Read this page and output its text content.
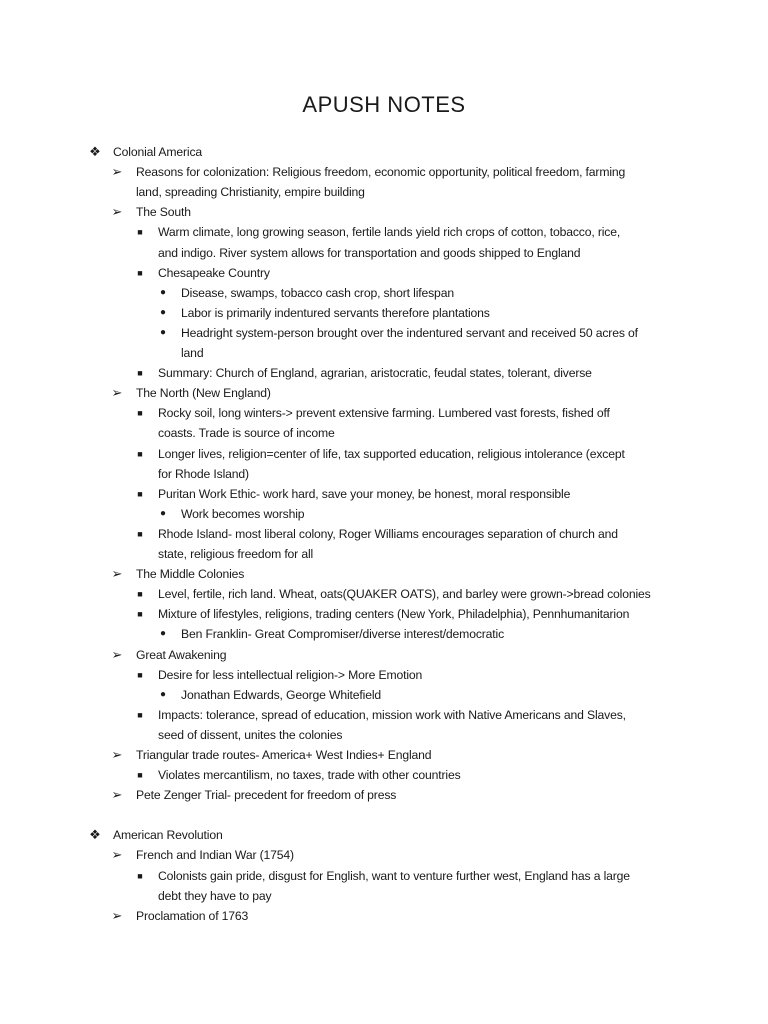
APUSH NOTES
❖ Colonial America
➢ Reasons for colonization: Religious freedom, economic opportunity, political freedom, farming
land, spreading Christianity, empire building
➢ The South
■	Warm climate, long growing season, fertile lands yield rich crops of cotton, tobacco, rice,
and indigo. River system allows for transportation and goods shipped to England
■	Chesapeake Country
●	Disease, swamps, tobacco cash crop, short lifespan
●	Labor is primarily indentured servants therefore plantations
●	Headright system-person brought over the indentured servant and received 50 acres of
land
■	Summary: Church of England, agrarian, aristocratic, feudal states, tolerant, diverse
➢ The North (New England)
■	Rocky soil, long winters-> prevent extensive farming. Lumbered vast forests, fished off
coasts. Trade is source of income
■	Longer lives, religion=center of life, tax supported education, religious intolerance (except
for Rhode Island)
■	Puritan Work Ethic- work hard, save your money, be honest, moral responsible
●	Work becomes worship
■	Rhode Island- most liberal colony, Roger Williams encourages separation of church and
state, religious freedom for all
➢ The Middle Colonies
■	Level, fertile, rich land. Wheat, oats(QUAKER OATS), and barley were grown->bread colonies
■	Mixture of lifestyles, religions, trading centers (New York, Philadelphia), Pennhumanitarion
●	Ben Franklin- Great Compromiser/diverse interest/democratic
➢ Great Awakening
■	Desire for less intellectual religion-> More Emotion
●	Jonathan Edwards, George Whitefield
■	Impacts: tolerance, spread of education, mission work with Native Americans and Slaves,
seed of dissent, unites the colonies
➢ Triangular trade routes- America+ West Indies+ England
■	Violates mercantilism, no taxes, trade with other countries
➢ Pete Zenger Trial- precedent for freedom of press
❖ American Revolution
➢ French and Indian War (1754)
■	Colonists gain pride, disgust for English, want to venture further west, England has a large
debt they have to pay
➢ Proclamation of 1763
